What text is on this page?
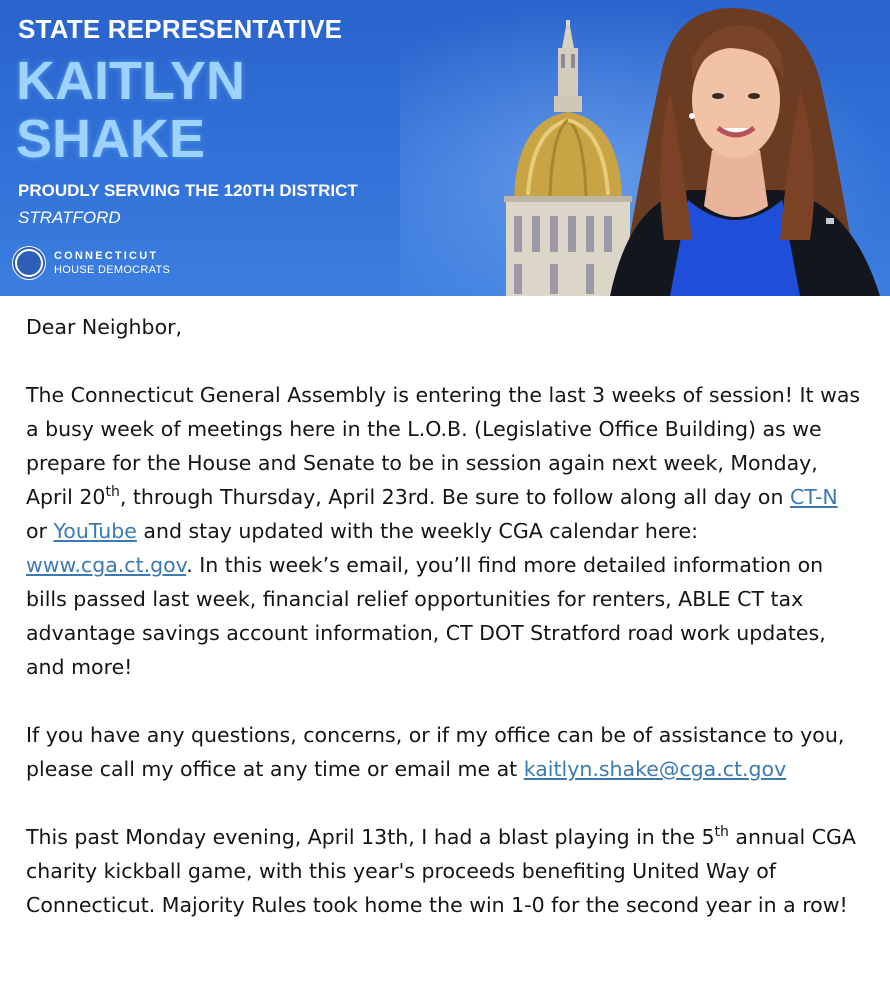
STATE REPRESENTATIVE
KAITLYN
SHAKE
PROUDLY SERVING THE 120TH DISTRICT
STRATFORD
CONNECTICUT
HOUSE DEMOCRATS

Dear Neighbor,

The Connecticut General Assembly is entering the last 3 weeks of session! It was a busy week of meetings here in the L.O.B. (Legislative Office Building) as we prepare for the House and Senate to be in session again next week, Monday, April 20th, through Thursday, April 23rd. Be sure to follow along all day on CT-N or YouTube and stay updated with the weekly CGA calendar here: www.cga.ct.gov. In this week’s email, you’ll find more detailed information on bills passed last week, financial relief opportunities for renters, ABLE CT tax advantage savings account information, CT DOT Stratford road work updates, and more!

If you have any questions, concerns, or if my office can be of assistance to you, please call my office at any time or email me at kaitlyn.shake@cga.ct.gov

This past Monday evening, April 13th, I had a blast playing in the 5th annual CGA charity kickball game, with this year's proceeds benefiting United Way of Connecticut. Majority Rules took home the win 1-0 for the second year in a row!
